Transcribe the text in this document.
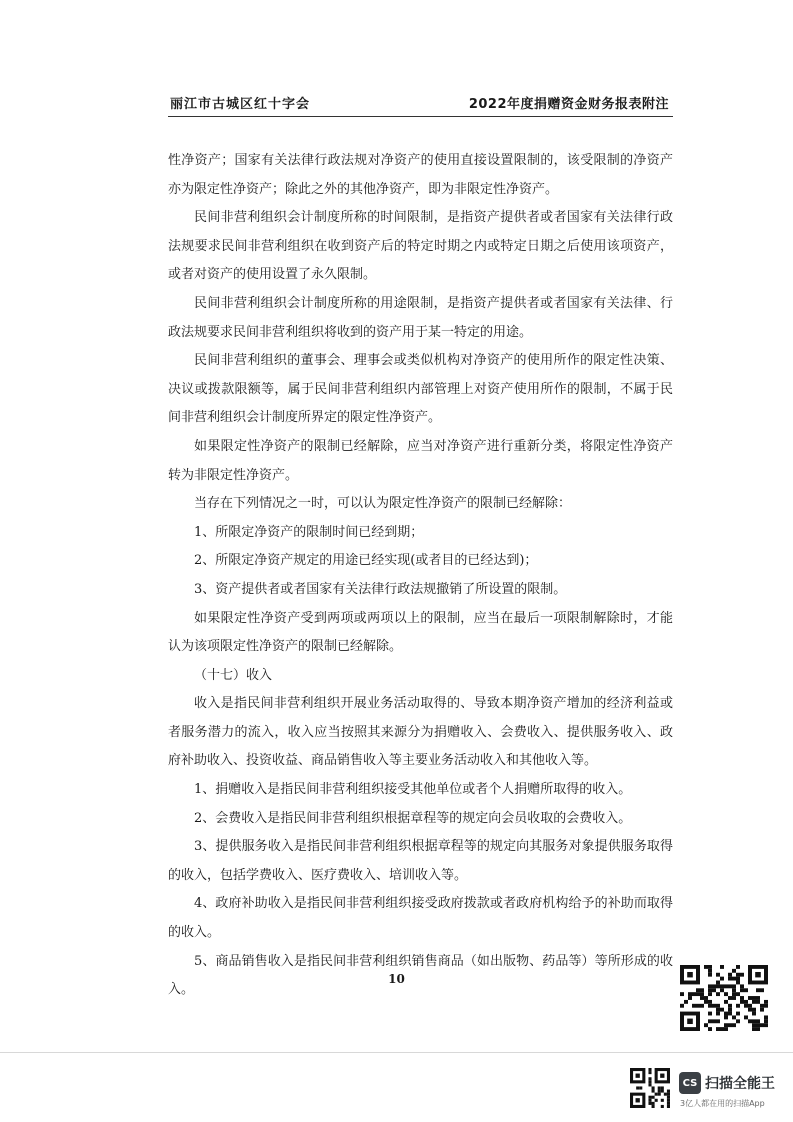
丽江市古城区红十字会	2022年度捐赠资金财务报表附注

性净资产；国家有关法律行政法规对净资产的使用直接设置限制的，该受限制的净资产亦为限定性净资产；除此之外的其他净资产，即为非限定性净资产。

民间非营利组织会计制度所称的时间限制，是指资产提供者或者国家有关法律行政法规要求民间非营利组织在收到资产后的特定时期之内或特定日期之后使用该项资产，或者对资产的使用设置了永久限制。

民间非营利组织会计制度所称的用途限制，是指资产提供者或者国家有关法律、行政法规要求民间非营利组织将收到的资产用于某一特定的用途。

民间非营利组织的董事会、理事会或类似机构对净资产的使用所作的限定性决策、决议或拨款限额等，属于民间非营利组织内部管理上对资产使用所作的限制，不属于民间非营利组织会计制度所界定的限定性净资产。

如果限定性净资产的限制已经解除，应当对净资产进行重新分类，将限定性净资产转为非限定性净资产。

当存在下列情况之一时，可以认为限定性净资产的限制已经解除：

1、所限定净资产的限制时间已经到期；

2、所限定净资产规定的用途已经实现(或者目的已经达到)；

3、资产提供者或者国家有关法律行政法规撤销了所设置的限制。

如果限定性净资产受到两项或两项以上的限制，应当在最后一项限制解除时，才能认为该项限定性净资产的限制已经解除。

（十七）收入

收入是指民间非营利组织开展业务活动取得的、导致本期净资产增加的经济利益或者服务潜力的流入，收入应当按照其来源分为捐赠收入、会费收入、提供服务收入、政府补助收入、投资收益、商品销售收入等主要业务活动收入和其他收入等。

1、捐赠收入是指民间非营利组织接受其他单位或者个人捐赠所取得的收入。

2、会费收入是指民间非营利组织根据章程等的规定向会员收取的会费收入。

3、提供服务收入是指民间非营利组织根据章程等的规定向其服务对象提供服务取得的收入，包括学费收入、医疗费收入、培训收入等。

4、政府补助收入是指民间非营利组织接受政府拨款或者政府机构给予的补助而取得的收入。

5、商品销售收入是指民间非营利组织销售商品（如出版物、药品等）等所形成的收入。

10
CS 扫描全能王
3亿人都在用的扫描App
